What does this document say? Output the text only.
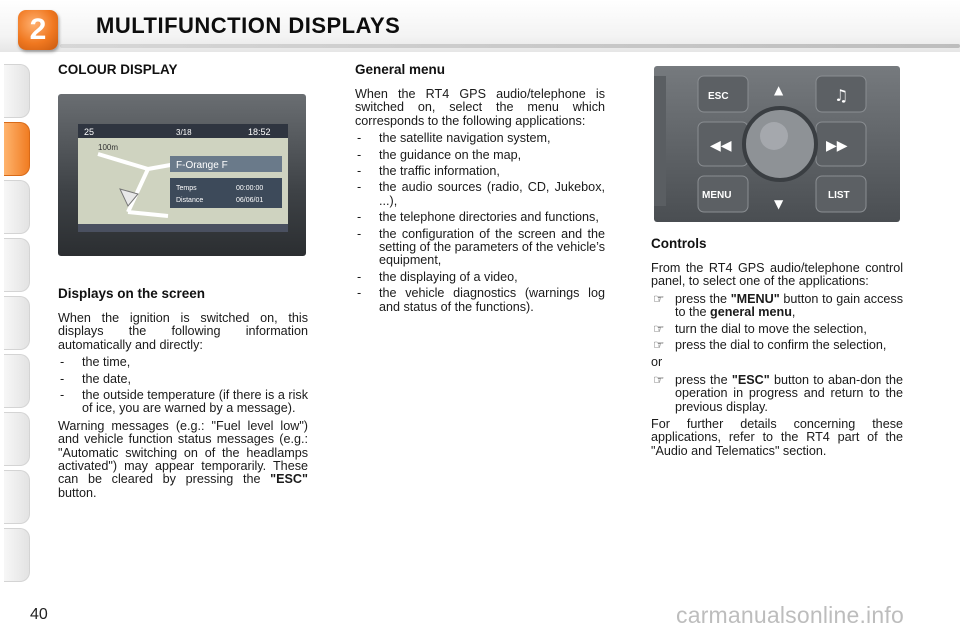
2	MULTIFUNCTION DISPLAYS
COLOUR DISPLAY
25	3/18	18:52
100m
F-Orange F
Temps
Distance
00:00:00
06/06/01
Displays on the screen

When the ignition is switched on, this displays the following information automatically and directly:

- the time,
- the date,
- the outside temperature (if there is a risk of ice, you are warned by a message).

Warning messages (e.g.: "Fuel level low") and vehicle function status messages (e.g.: "Automatic switching on of the headlamps activated") may appear temporarily. These can be cleared by pressing the "ESC" button.

General menu

When the RT4 GPS audio/telephone is switched on, select the menu which corresponds to the following applications:

- the satellite navigation system,
- the guidance on the map,
- the traffic information,
- the audio sources (radio, CD, Jukebox, ...),
- the telephone directories and functions,
- the configuration of the screen and the setting of the parameters of the vehicle’s equipment,
- the displaying of a video,
- the vehicle diagnostics (warnings log and status of the functions).
ESC
MENU
♫
LIST
◀◀	▶▶
▲
▼
Controls

From the RT4 GPS audio/telephone control panel, to select one of the applications:

☞ press the "MENU" button to gain access to the general menu,
☞ turn the dial to move the selection,
☞ press the dial to confirm the selection,

or

☞ press the "ESC" button to aban-don the operation in progress and return to the previous display.

For further details concerning these applications, refer to the RT4 part of the "Audio and Telematics" section.

40	carmanualsonline.info
